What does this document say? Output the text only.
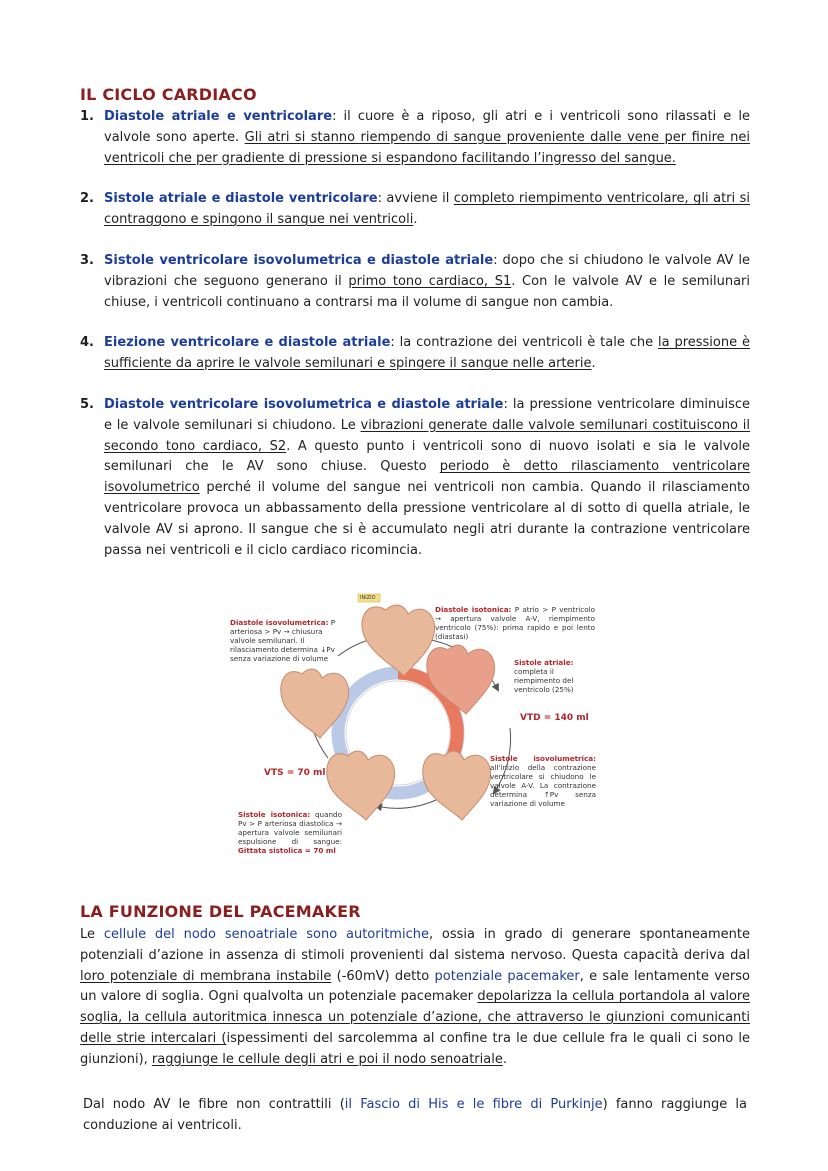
IL CICLO CARDIACO
1. Diastole atriale e ventricolare: il cuore è a riposo, gli atri e i ventricoli sono rilassati e le valvole sono aperte. Gli atri si stanno riempendo di sangue proveniente dalle vene per finire nei ventricoli che per gradiente di pressione si espandono facilitando l’ingresso del sangue.
2. Sistole atriale e diastole ventricolare: avviene il completo riempimento ventricolare, gli atri si contraggono e spingono il sangue nei ventricoli.
3. Sistole ventricolare isovolumetrica e diastole atriale: dopo che si chiudono le valvole AV le vibrazioni che seguono generano il primo tono cardiaco, S1. Con le valvole AV e le semilunari chiuse, i ventricoli continuano a contrarsi ma il volume di sangue non cambia.
4. Eiezione ventricolare e diastole atriale: la contrazione dei ventricoli è tale che la pressione è sufficiente da aprire le valvole semilunari e spingere il sangue nelle arterie.
5. Diastole ventricolare isovolumetrica e diastole atriale: la pressione ventricolare diminuisce e le valvole semilunari si chiudono. Le vibrazioni generate dalle valvole semilunari costituiscono il secondo tono cardiaco, S2. A questo punto i ventricoli sono di nuovo isolati e sia le valvole semilunari che le AV sono chiuse. Questo periodo è detto rilasciamento ventricolare isovolumetrico perché il volume del sangue nei ventricoli non cambia. Quando il rilasciamento ventricolare provoca un abbassamento della pressione ventricolare al di sotto di quella atriale, le valvole AV si aprono. Il sangue che si è accumulato negli atri durante la contrazione ventricolare passa nei ventricoli e il ciclo cardiaco ricomincia.
INIZIO

Diastole isotonica: P atrio > P ventricolo ⇝ apertura valvole A-V, riempimento ventricolo (75%): prima rapido e poi lento (diastasi)

Sistole atriale: completa il riempimento del ventricolo (25%)

VTD = 140 ml

Sistole isovolumetrica: all'inizio della contrazione ventricolare si chiudono le valvole A-V. La contrazione determina ↑Pv senza variazione di volume

VTS = 70 ml

Sistole isotonica: quando Pv > P arteriosa diastolica ⇝ apertura valvole semilunari espulsione di sangue: Gittata sistolica = 70 ml

Diastole isovolumetrica: P arteriosa > Pv ⇝ chiusura valvole semilunari. Il rilasciamento determina ↓Pv senza variazione di volume

LA FUNZIONE DEL PACEMAKER

Le cellule del nodo senoatriale sono autoritmiche, ossia in grado di generare spontaneamente potenziali d’azione in assenza di stimoli provenienti dal sistema nervoso. Questa capacità deriva dal loro potenziale di membrana instabile (-60mV) detto potenziale pacemaker, e sale lentamente verso un valore di soglia. Ogni qualvolta un potenziale pacemaker depolarizza la cellula portandola al valore soglia, la cellula autoritmica innesca un potenziale d’azione, che attraverso le giunzioni comunicanti delle strie intercalari (ispessimenti del sarcolemma al confine tra le due cellule fra le quali ci sono le giunzioni), raggiunge le cellule degli atri e poi il nodo senoatriale.

Dal nodo AV le fibre non contrattili (il Fascio di His e le fibre di Purkinje) fanno raggiunge la conduzione ai ventricoli.
